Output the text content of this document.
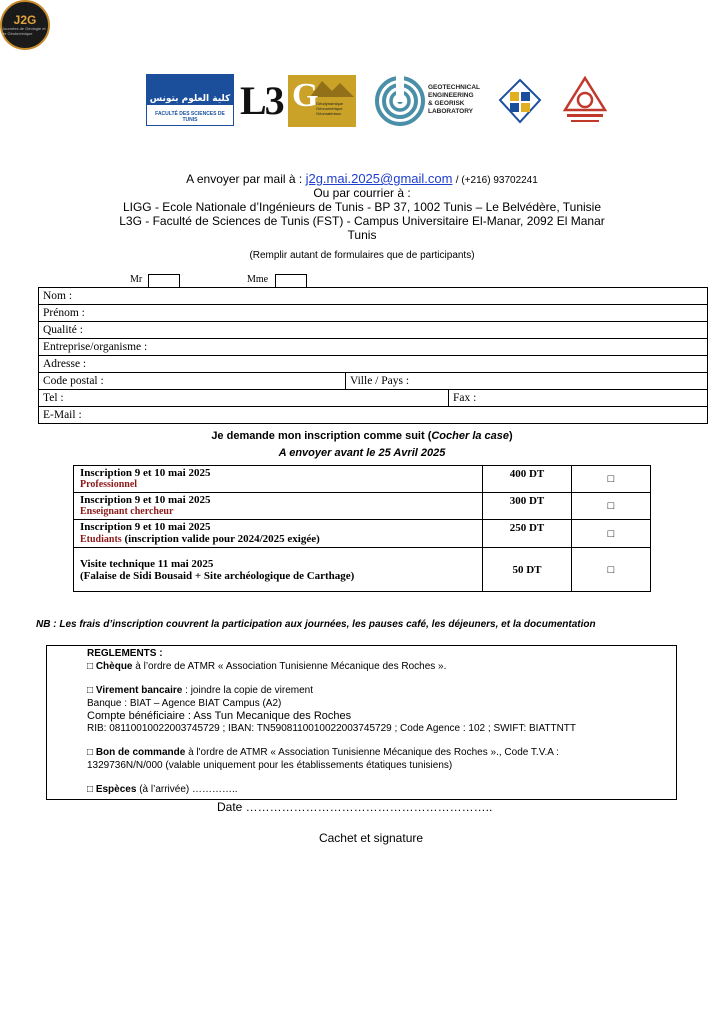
J2G
Journées de Géologie et de Géotechnique
كلية العلوم بتونس
FACULTÉ DES SCIENCES DE TUNIS	L3 G
Géodynamique Géonumérique Géomatériaux
GEOTECHNICAL
ENGINEERING
& GEORISK
LABORATORY
A envoyer par mail à : j2g.mai.2025@gmail.com / (+216) 93702241
Ou par courrier à :
LIGG - Ecole Nationale d’Ingénieurs de Tunis - BP 37, 1002 Tunis – Le Belvédère, Tunisie
L3G - Faculté de Sciences de Tunis (FST) - Campus Universitaire El-Manar, 2092 El Manar
Tunis
(Remplir autant de formulaires que de participants)
Mr	Mme
Nom :		
Prénom :		
Qualité :		
Entreprise/organisme :		
Adresse :		
Code postal :	Ville / Pays :	
Tel :		Fax :
E-Mail :		
Je demande mon inscription comme suit (Cocher la case)
A envoyer avant le 25 Avril 2025
Inscription 9 et 10 mai 2025
Professionnel	400 DT	□

Inscription 9 et 10 mai 2025
Enseignant chercheur	300 DT	□

Inscription 9 et 10 mai 2025
Etudiants (inscription valide pour 2024/2025 exigée)	250 DT	□

Visite technique 11 mai 2025
(Falaise de Sidi Bousaid + Site archéologique de Carthage)	50 DT	□
NB : Les frais d’inscription couvrent la participation aux journées, les pauses café, les déjeuners, et la documentation

REGLEMENTS :

□ Chèque à l’ordre de ATMR « Association Tunisienne Mécanique des Roches ».

□ Virement bancaire : joindre la copie de virement

Banque : BIAT – Agence BIAT Campus (A2)

Compte bénéficiaire : Ass Tun Mecanique des Roches

RIB: 08110010022003745729 ; IBAN: TN5908110010022003745729 ; Code Agence : 102 ; SWIFT: BIATTNTT

□ Bon de commande à l'ordre de ATMR « Association Tunisienne Mécanique des Roches »., Code T.V.A :

1329736N/N/000 (valable uniquement pour les établissements étatiques tunisiens)

□ Espèces (à l’arrivée) …………..

Date ……………………………………………………..
Cachet et signature
